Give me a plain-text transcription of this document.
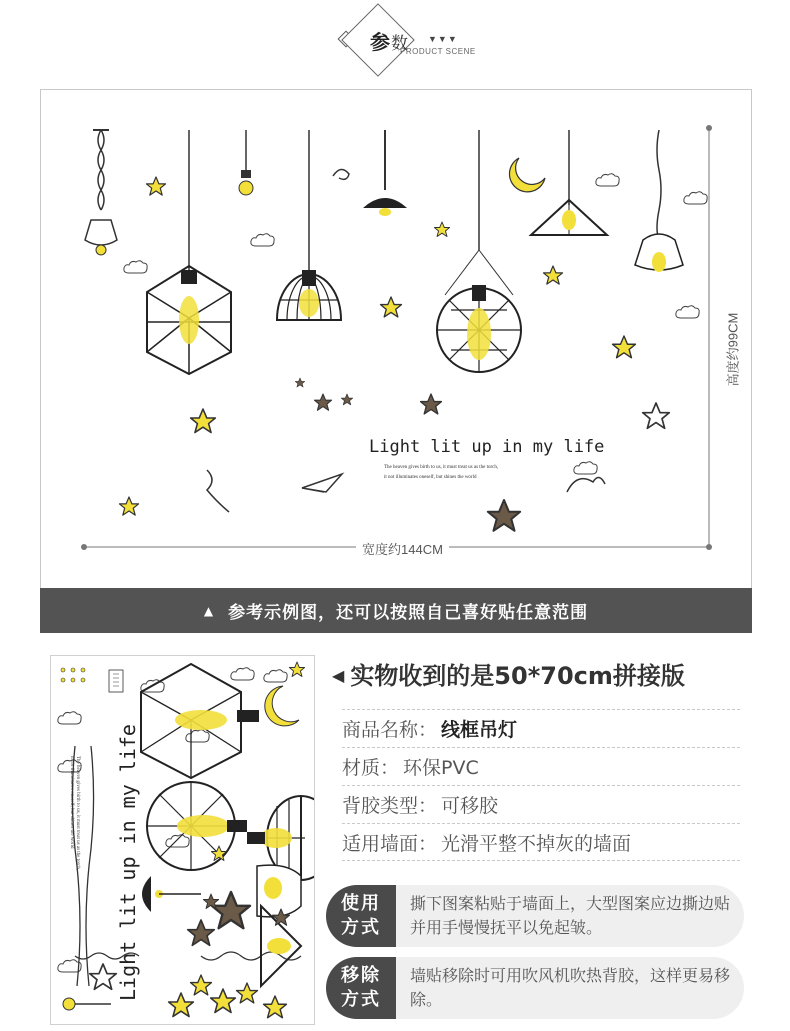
参数 ▼▼▼
PRODUCT SCENE
Light lit up in my life
The heaven gives birth to us, it must treat us as the torch,
it not illuminates oneself, but shines the world
宽度约144CM
高度约99CM
▲ 参考示例图，还可以按照自己喜好贴任意范围
Light lit up in my life
The heaven gives birth to us, it must treat us as the torch,
it not illuminates oneself, but shines the world
◀ 实物收到的是50*70cm拼接版
商品名称： 线框吊灯
材质： 环保PVC
背胶类型： 可移胶
适用墙面： 光滑平整不掉灰的墙面
使用
方式
撕下图案粘贴于墙面上，大型图案应边撕边贴并用手慢慢抚平以免起皱。
移除
方式
墙贴移除时可用吹风机吹热背胶，这样更易移除。
